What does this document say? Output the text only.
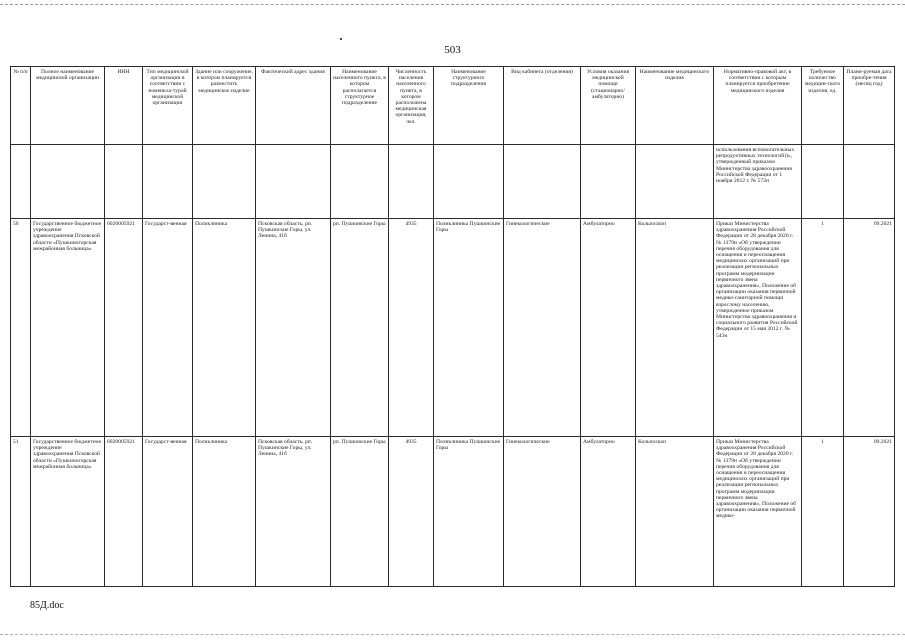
503
№ п/п	Полное наименование медицинской организации	ИНН	Тип медицинской организации в соответствии с номенкла-турой медицинской организации	Здание или сооружение, в котором планируется разместить медицинское изделие	Фактический адрес здания	Наименование населенного пункта, в котором располагается структурное подразделение	Численность населения населенного пункта, в котором расположена медицинская организация, чел.	Наименование структурного подразделения	Вид кабинета (отделения)	Условия оказания медицинской помощи (стационарно/ амбулаторно)	Наименование медицинского изделия	Нормативно-правовой акт, в соответствии с которым планируется приобретение медицинского изделия	Требуемое количество медицин-ского изделия, ед.	Плани-руемая дата приобре-тения (месяц год)
												использования вспомогательных репродуктивных технологий))», утвержденный приказом Министерства здравоохранения Российской Федерации от 1 ноября 2012 г. № 572н		
50	Государственное бюджетное учреждение здравоохранения Псковской области «Пушкиногорская межрайонная больница»	6020005921	Государст-венная	Поликлиника	Псковская область, рп. Пушкинские Горы, ул. Ленина, 41б	рп. Пушкинские Горы	4935	Поликлиника Пушкинские Горы	Гинекологические	Амбулаторно	Кольпоскоп	Приказ Министерства здравоохранения Российской Федерации от 28 декабря 2020 г. № 1379н «Об утверждении перечня оборудования для оснащения и переоснащения медицинских организаций при реализации региональных программ модернизации первичного звена здравоохранения», Положение об организации оказания первичной медико-санитарной помощи взрослому населению, утвержденное приказом Министерства здравоохранения и социального развития Российской Федерации от 15 мая 2012 г. № 543н	1	09.2021
51	Государственное бюджетное учреждение здравоохранения Псковской области «Пушкиногорская межрайонная больница»	6020005921	Государст-венная	Поликлиника	Псковская область, рп. Пушкинские Горы, ул. Ленина, 41б	рп. Пушкинские Горы	4935	Поликлиника Пушкинские Горы	Гинекологические	Амбулаторно	Кольпоскоп	Приказ Министерства здравоохранения Российской Федерации от 28 декабря 2020 г. № 1379н «Об утверждении перечня оборудования для оснащения и переоснащения медицинских организаций при реализации региональных программ модернизации первичного звена здравоохранения», Положение об организации оказания первичной медико-	1	09.2021
85Д.doc
